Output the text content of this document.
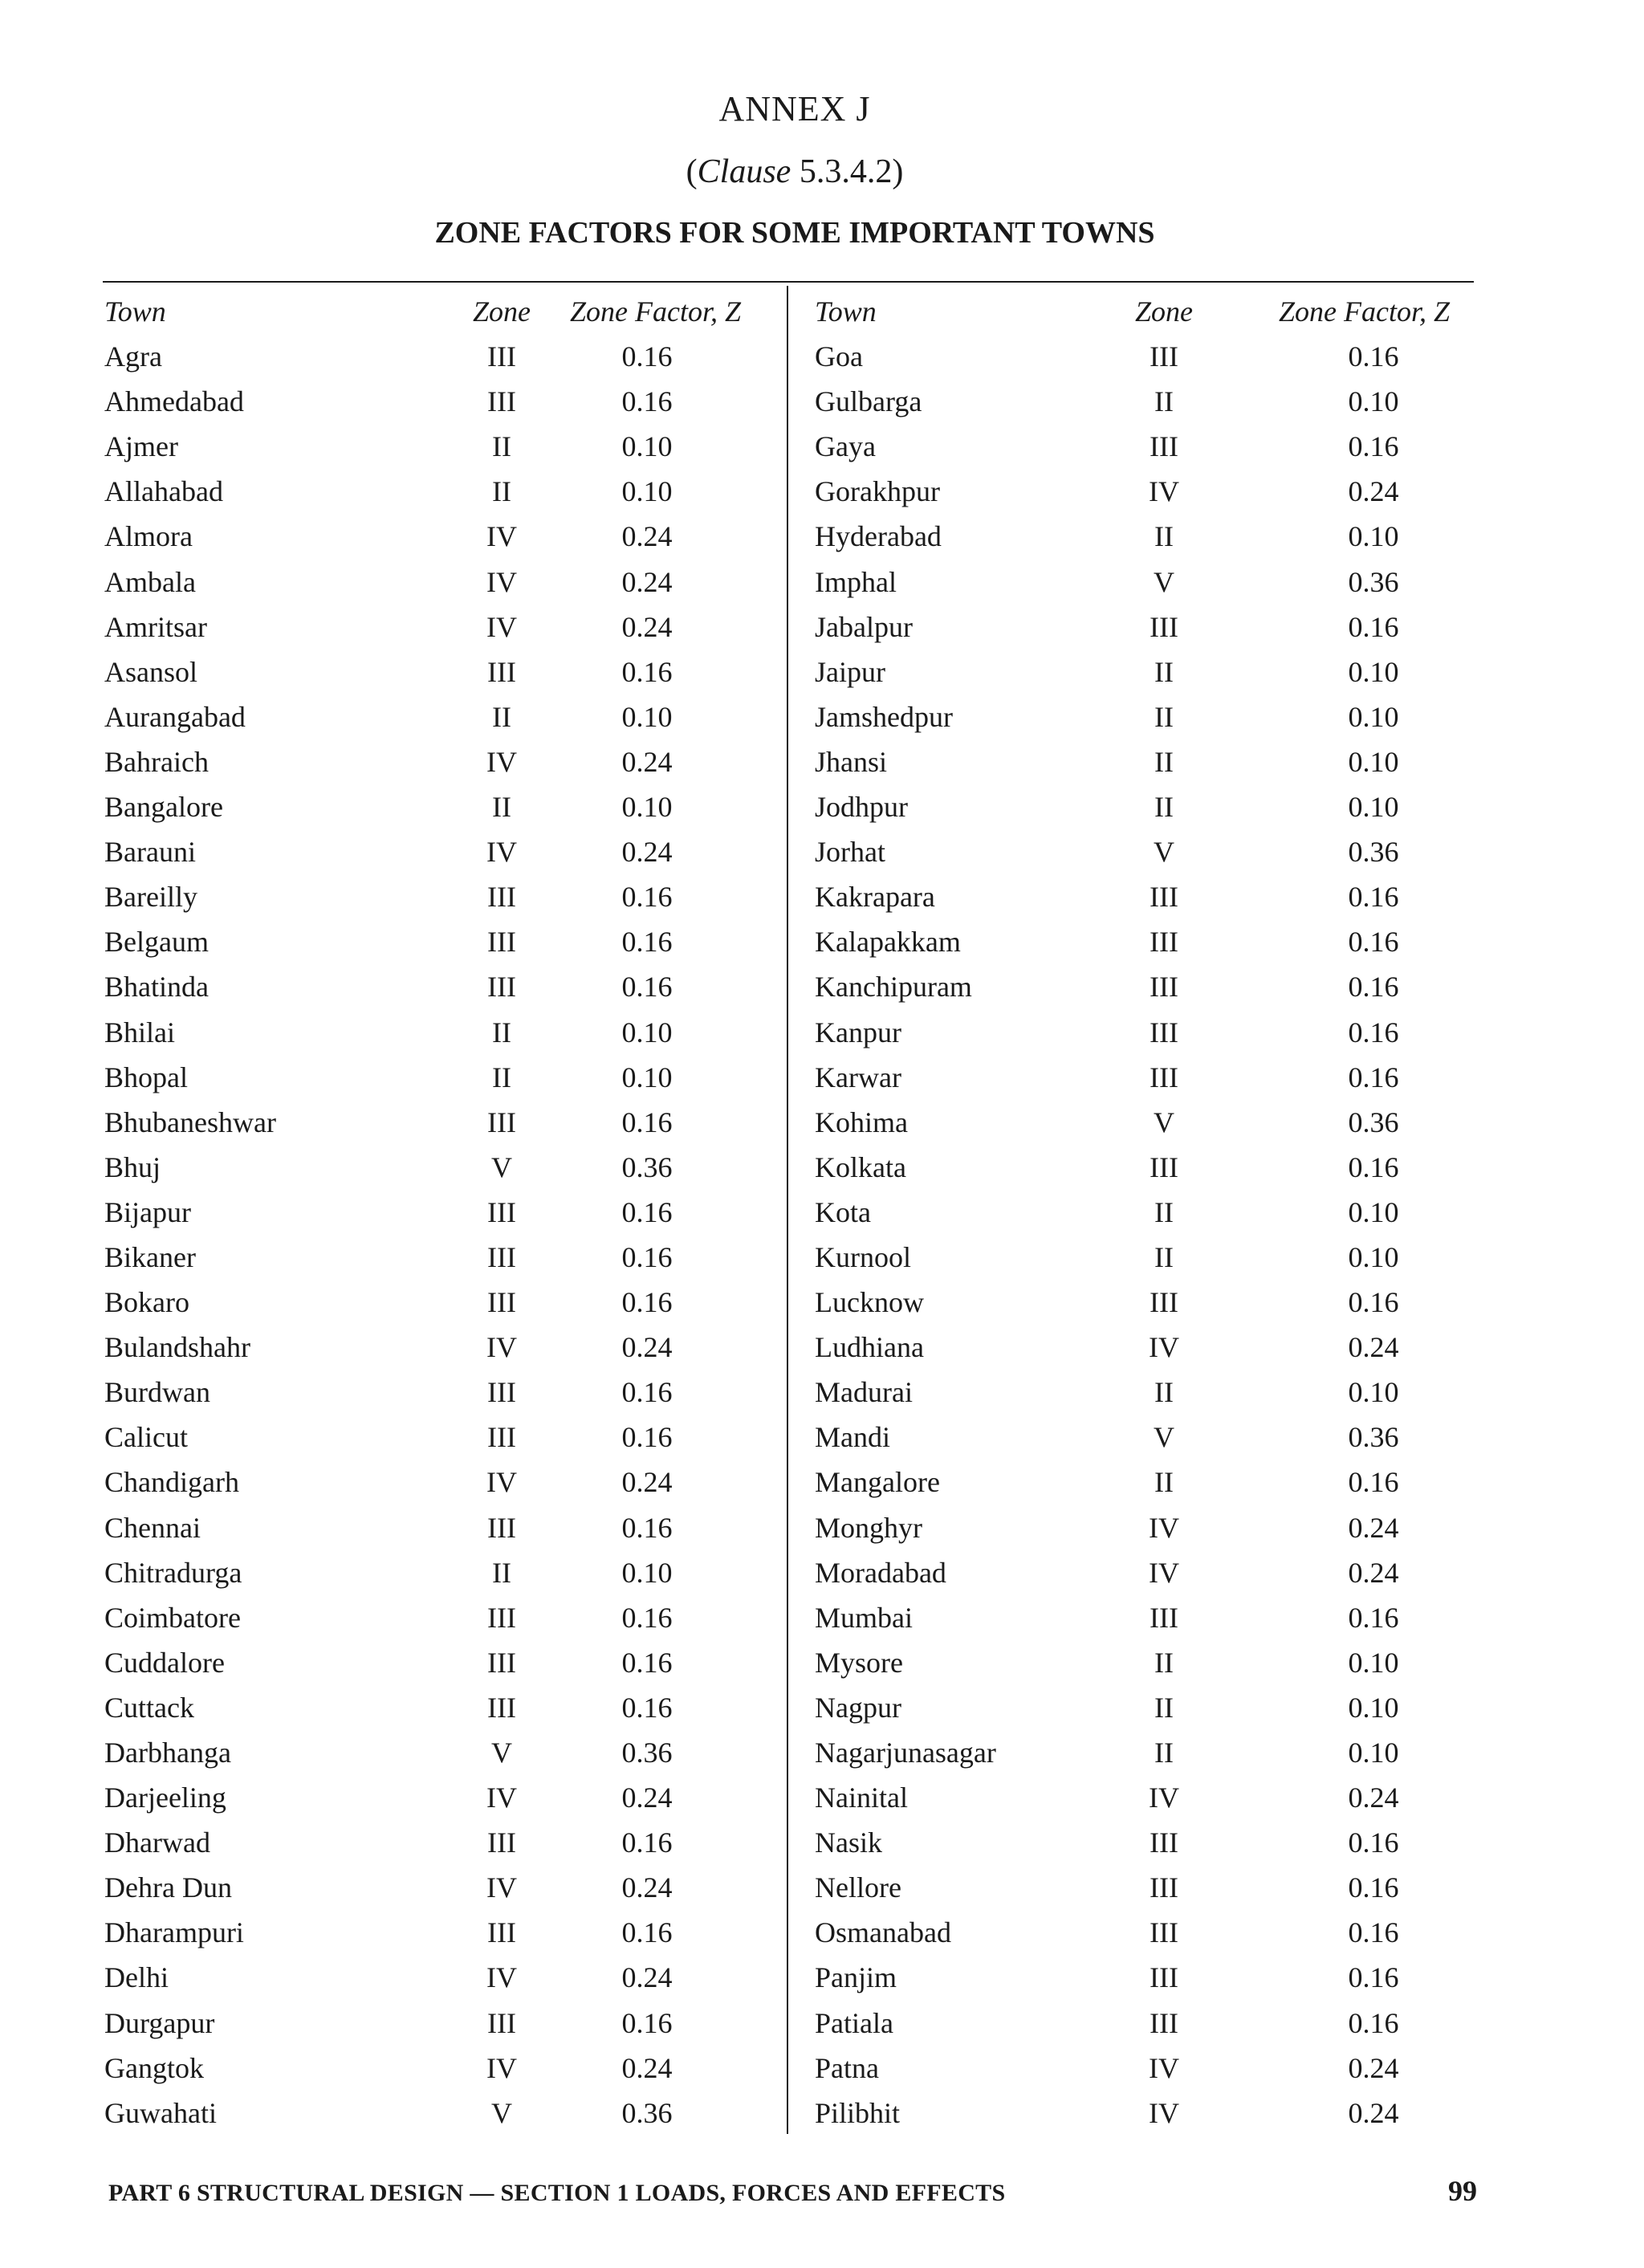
ANNEX J
(Clause 5.3.4.2)
ZONE FACTORS FOR SOME IMPORTANT TOWNS
Town	Zone	Zone Factor, Z
Agra	III	0.16
Ahmedabad	III	0.16
Ajmer	II	0.10
Allahabad	II	0.10
Almora	IV	0.24
Ambala	IV	0.24
Amritsar	IV	0.24
Asansol	III	0.16
Aurangabad	II	0.10
Bahraich	IV	0.24
Bangalore	II	0.10
Barauni	IV	0.24
Bareilly	III	0.16
Belgaum	III	0.16
Bhatinda	III	0.16
Bhilai	II	0.10
Bhopal	II	0.10
Bhubaneshwar	III	0.16
Bhuj	V	0.36
Bijapur	III	0.16
Bikaner	III	0.16
Bokaro	III	0.16
Bulandshahr	IV	0.24
Burdwan	III	0.16
Calicut	III	0.16
Chandigarh	IV	0.24
Chennai	III	0.16
Chitradurga	II	0.10
Coimbatore	III	0.16
Cuddalore	III	0.16
Cuttack	III	0.16
Darbhanga	V	0.36
Darjeeling	IV	0.24
Dharwad	III	0.16
Dehra Dun	IV	0.24
Dharampuri	III	0.16
Delhi	IV	0.24
Durgapur	III	0.16
Gangtok	IV	0.24
Guwahati	V	0.36
Town	Zone	Zone Factor, Z
Goa	III	0.16
Gulbarga	II	0.10
Gaya	III	0.16
Gorakhpur	IV	0.24
Hyderabad	II	0.10
Imphal	V	0.36
Jabalpur	III	0.16
Jaipur	II	0.10
Jamshedpur	II	0.10
Jhansi	II	0.10
Jodhpur	II	0.10
Jorhat	V	0.36
Kakrapara	III	0.16
Kalapakkam	III	0.16
Kanchipuram	III	0.16
Kanpur	III	0.16
Karwar	III	0.16
Kohima	V	0.36
Kolkata	III	0.16
Kota	II	0.10
Kurnool	II	0.10
Lucknow	III	0.16
Ludhiana	IV	0.24
Madurai	II	0.10
Mandi	V	0.36
Mangalore	II	0.16
Monghyr	IV	0.24
Moradabad	IV	0.24
Mumbai	III	0.16
Mysore	II	0.10
Nagpur	II	0.10
Nagarjunasagar	II	0.10
Nainital	IV	0.24
Nasik	III	0.16
Nellore	III	0.16
Osmanabad	III	0.16
Panjim	III	0.16
Patiala	III	0.16
Patna	IV	0.24
Pilibhit	IV	0.24
PART 6 STRUCTURAL DESIGN — SECTION 1 LOADS, FORCES AND EFFECTS	99
